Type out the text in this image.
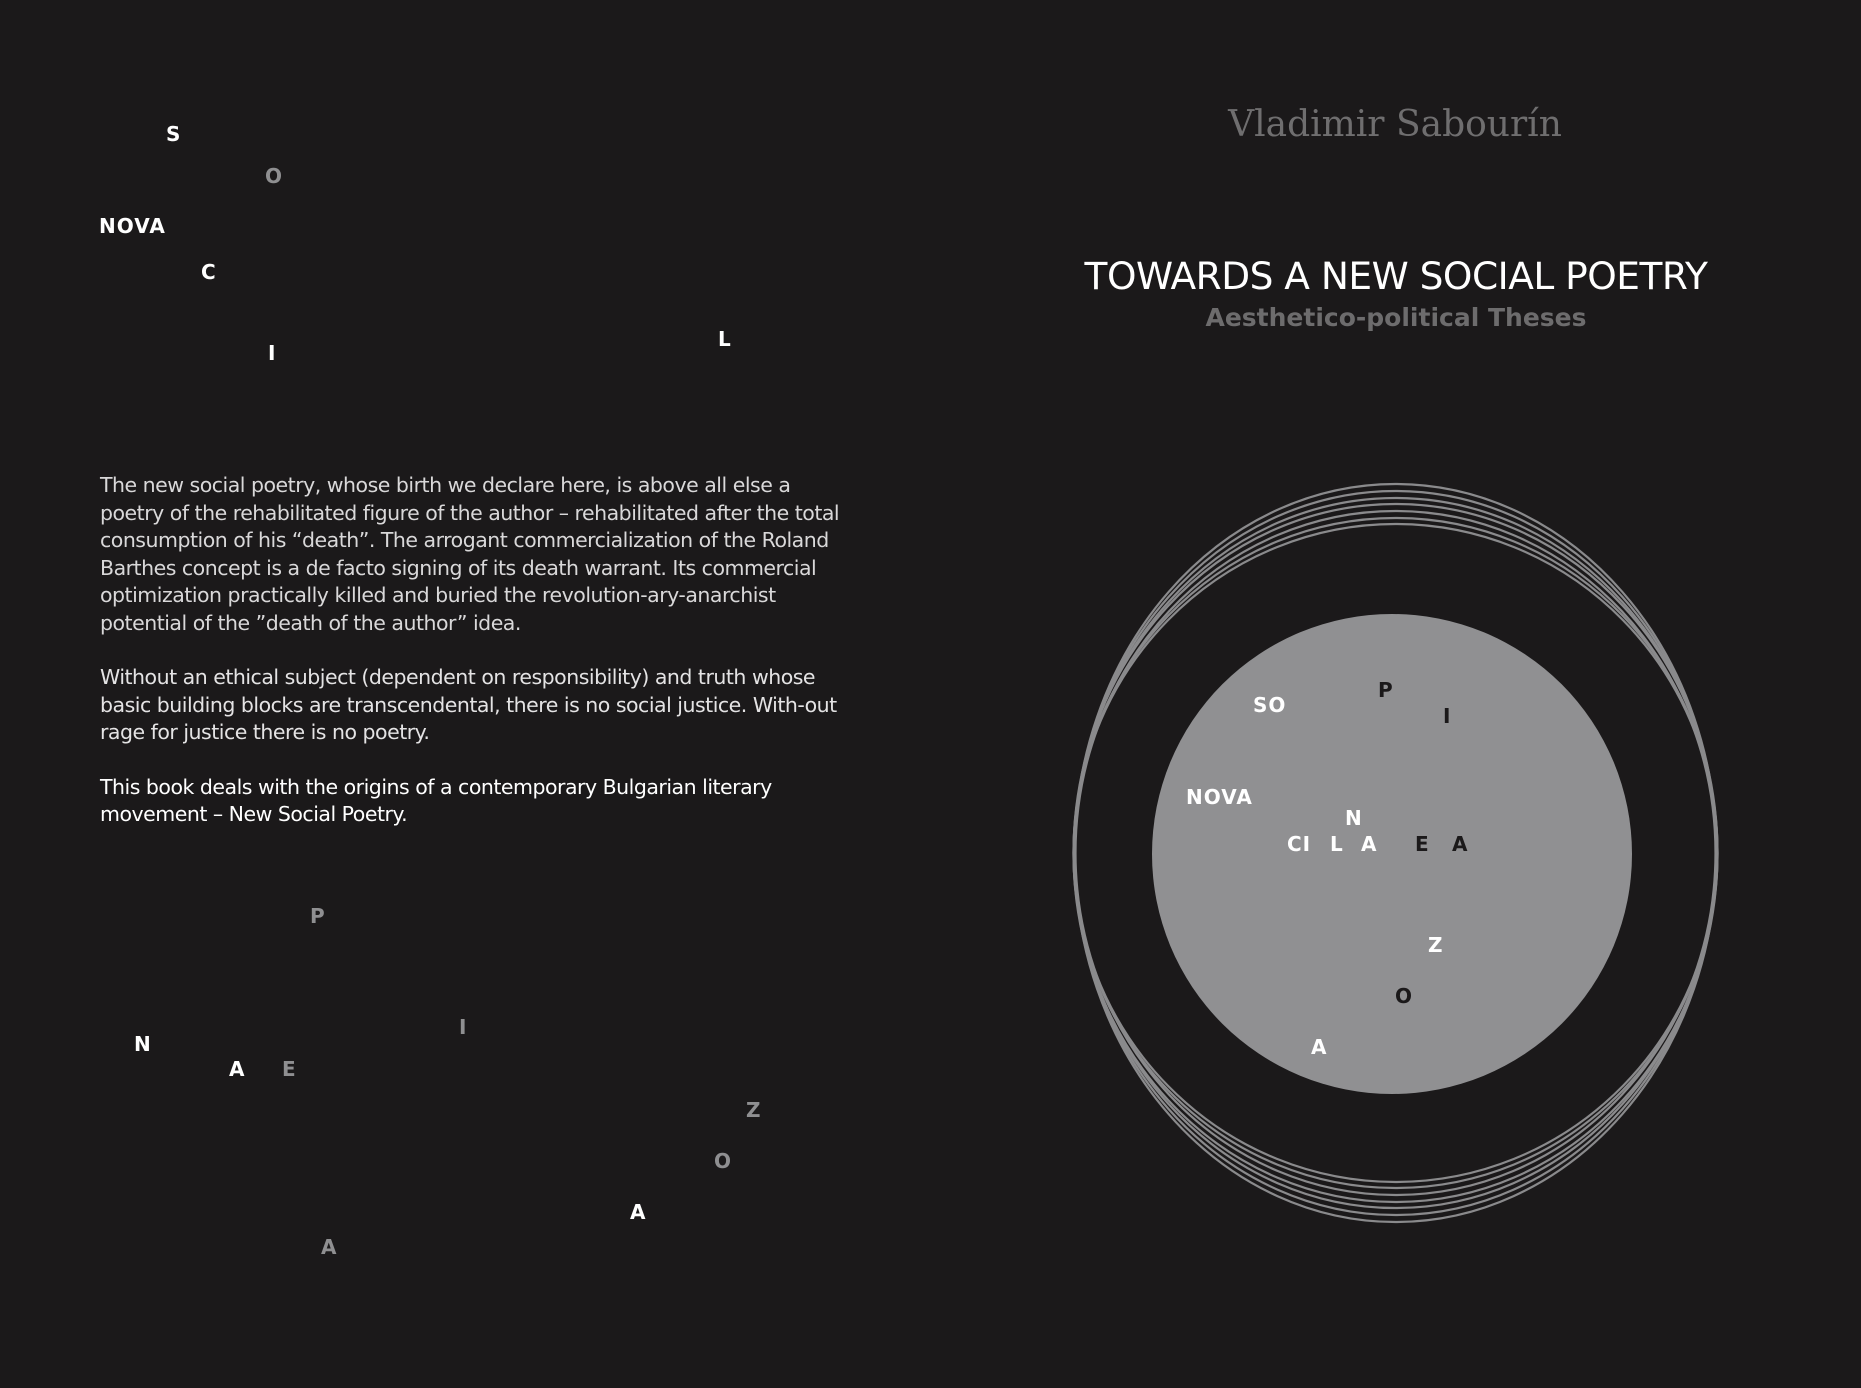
S
O
NOVA
C
I
L

The new social poetry, whose birth we declare here, is above all else a poetry of the rehabilitated figure of the author – rehabilitated after the total consumption of his “death”. The arrogant commercialization of the Roland Barthes concept is a de facto signing of its death warrant. Its commercial optimization practically killed and buried the revolution-ary-anarchist potential of the ”death of the author” idea.

Without an ethical subject (dependent on responsibility) and truth whose basic building blocks are transcendental, there is no social justice. With-out rage for justice there is no poetry.

This book deals with the origins of a contemporary Bulgarian literary movement – New Social Poetry.

P
I
N
A E
Z
O
A
A
Vladimir Sabourín
TOWARDS A NEW SOCIAL POETRY
Aesthetico-political Theses
SO
P
I
NOVA
N
CI L A E A
Z
O
A
